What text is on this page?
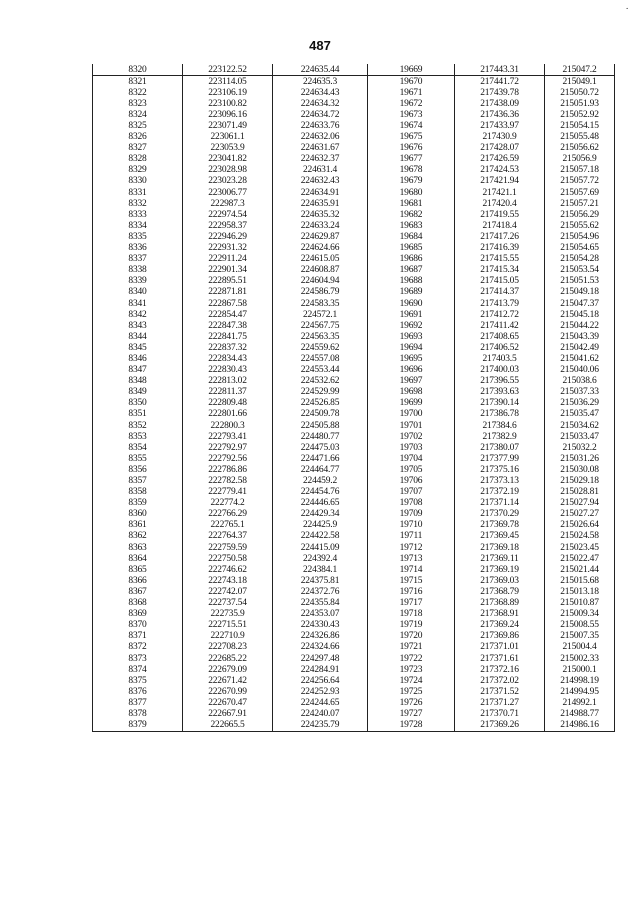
487
.
8320	223122.52	224635.44	19669	217443.31	215047.2
8321	223114.05	224635.3	19670	217441.72	215049.1
8322	223106.19	224634.43	19671	217439.78	215050.72
8323	223100.82	224634.32	19672	217438.09	215051.93
8324	223096.16	224634.72	19673	217436.36	215052.92
8325	223071.49	224633.76	19674	217433.97	215054.15
8326	223061.1	224632.06	19675	217430.9	215055.48
8327	223053.9	224631.67	19676	217428.07	215056.62
8328	223041.82	224632.37	19677	217426.59	215056.9
8329	223028.98	224631.4	19678	217424.53	215057.18
8330	223023.28	224632.43	19679	217421.94	215057.72
8331	223006.77	224634.91	19680	217421.1	215057.69
8332	222987.3	224635.91	19681	217420.4	215057.21
8333	222974.54	224635.32	19682	217419.55	215056.29
8334	222958.37	224633.24	19683	217418.4	215055.62
8335	222946.29	224629.87	19684	217417.26	215054.96
8336	222931.32	224624.66	19685	217416.39	215054.65
8337	222911.24	224615.05	19686	217415.55	215054.28
8338	222901.34	224608.87	19687	217415.34	215053.54
8339	222895.51	224604.94	19688	217415.05	215051.53
8340	222871.81	224586.79	19689	217414.37	215049.18
8341	222867.58	224583.35	19690	217413.79	215047.37
8342	222854.47	224572.1	19691	217412.72	215045.18
8343	222847.38	224567.75	19692	217411.42	215044.22
8344	222841.75	224563.35	19693	217408.65	215043.39
8345	222837.32	224559.62	19694	217406.52	215042.49
8346	222834.43	224557.08	19695	217403.5	215041.62
8347	222830.43	224553.44	19696	217400.03	215040.06
8348	222813.02	224532.62	19697	217396.55	215038.6
8349	222811.37	224529.99	19698	217393.63	215037.33
8350	222809.48	224526.85	19699	217390.14	215036.29
8351	222801.66	224509.78	19700	217386.78	215035.47
8352	222800.3	224505.88	19701	217384.6	215034.62
8353	222793.41	224480.77	19702	217382.9	215033.47
8354	222792.97	224475.03	19703	217380.07	215032.2
8355	222792.56	224471.66	19704	217377.99	215031.26
8356	222786.86	224464.77	19705	217375.16	215030.08
8357	222782.58	224459.2	19706	217373.13	215029.18
8358	222779.41	224454.76	19707	217372.19	215028.81
8359	222774.2	224446.65	19708	217371.14	215027.94
8360	222766.29	224429.34	19709	217370.29	215027.27
8361	222765.1	224425.9	19710	217369.78	215026.64
8362	222764.37	224422.58	19711	217369.45	215024.58
8363	222759.59	224415.09	19712	217369.18	215023.45
8364	222750.58	224392.4	19713	217369.11	215022.47
8365	222746.62	224384.1	19714	217369.19	215021.44
8366	222743.18	224375.81	19715	217369.03	215015.68
8367	222742.07	224372.76	19716	217368.79	215013.18
8368	222737.54	224355.84	19717	217368.89	215010.87
8369	222735.9	224353.07	19718	217368.91	215009.34
8370	222715.51	224330.43	19719	217369.24	215008.55
8371	222710.9	224326.86	19720	217369.86	215007.35
8372	222708.23	224324.66	19721	217371.01	215004.4
8373	222685.22	224297.48	19722	217371.61	215002.33
8374	222679.09	224284.91	19723	217372.16	215000.1
8375	222671.42	224256.64	19724	217372.02	214998.19
8376	222670.99	224252.93	19725	217371.52	214994.95
8377	222670.47	224244.65	19726	217371.27	214992.1
8378	222667.91	224240.07	19727	217370.71	214988.77
8379	222665.5	224235.79	19728	217369.26	214986.16
